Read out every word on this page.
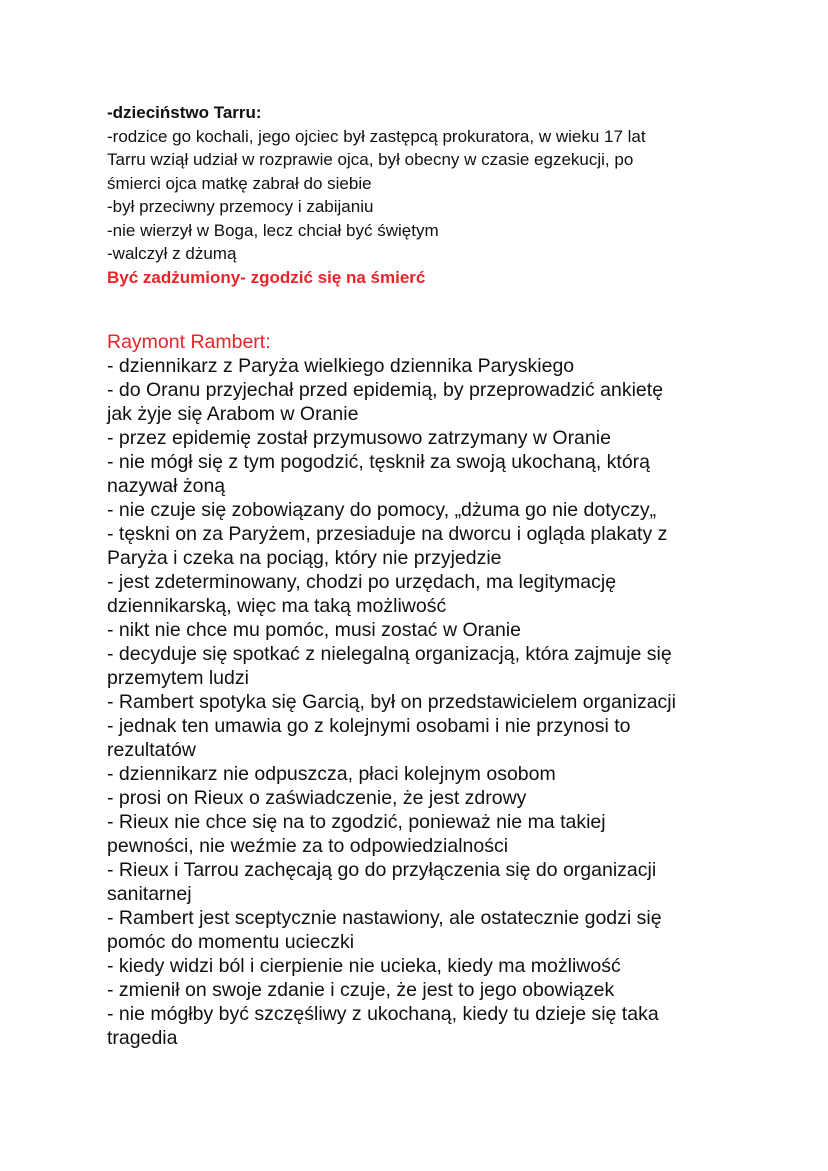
-dzieciństwo Tarru:
-rodzice go kochali, jego ojciec był zastępcą prokuratora, w wieku 17 lat
Tarru wziął udział w rozprawie ojca, był obecny w czasie egzekucji, po
śmierci ojca matkę zabrał do siebie
-był przeciwny przemocy i zabijaniu
-nie wierzył w Boga, lecz chciał być świętym
-walczył z dżumą
Być zadżumiony- zgodzić się na śmierć
Raymont Rambert:
- dziennikarz z Paryża wielkiego dziennika Paryskiego
- do Oranu przyjechał przed epidemią, by przeprowadzić ankietę
jak żyje się Arabom w Oranie
- przez epidemię został przymusowo zatrzymany w Oranie
- nie mógł się z tym pogodzić, tęsknił za swoją ukochaną, którą
nazywał żoną
- nie czuje się zobowiązany do pomocy, „dżuma go nie dotyczy„
- tęskni on za Paryżem, przesiaduje na dworcu i ogląda plakaty z
Paryża i czeka na pociąg, który nie przyjedzie
- jest zdeterminowany, chodzi po urzędach, ma legitymację
dziennikarską, więc ma taką możliwość
- nikt nie chce mu pomóc, musi zostać w Oranie
- decyduje się spotkać z nielegalną organizacją, która zajmuje się
przemytem ludzi
- Rambert spotyka się Garcią, był on przedstawicielem organizacji
- jednak ten umawia go z kolejnymi osobami i nie przynosi to
rezultatów
- dziennikarz nie odpuszcza, płaci kolejnym osobom
- prosi on Rieux o zaświadczenie, że jest zdrowy
- Rieux nie chce się na to zgodzić, ponieważ nie ma takiej
pewności, nie weźmie za to odpowiedzialności
- Rieux i Tarrou zachęcają go do przyłączenia się do organizacji
sanitarnej
- Rambert jest sceptycznie nastawiony, ale ostatecznie godzi się
pomóc do momentu ucieczki
- kiedy widzi ból i cierpienie nie ucieka, kiedy ma możliwość
- zmienił on swoje zdanie i czuje, że jest to jego obowiązek
- nie mógłby być szczęśliwy z ukochaną, kiedy tu dzieje się taka
tragedia
